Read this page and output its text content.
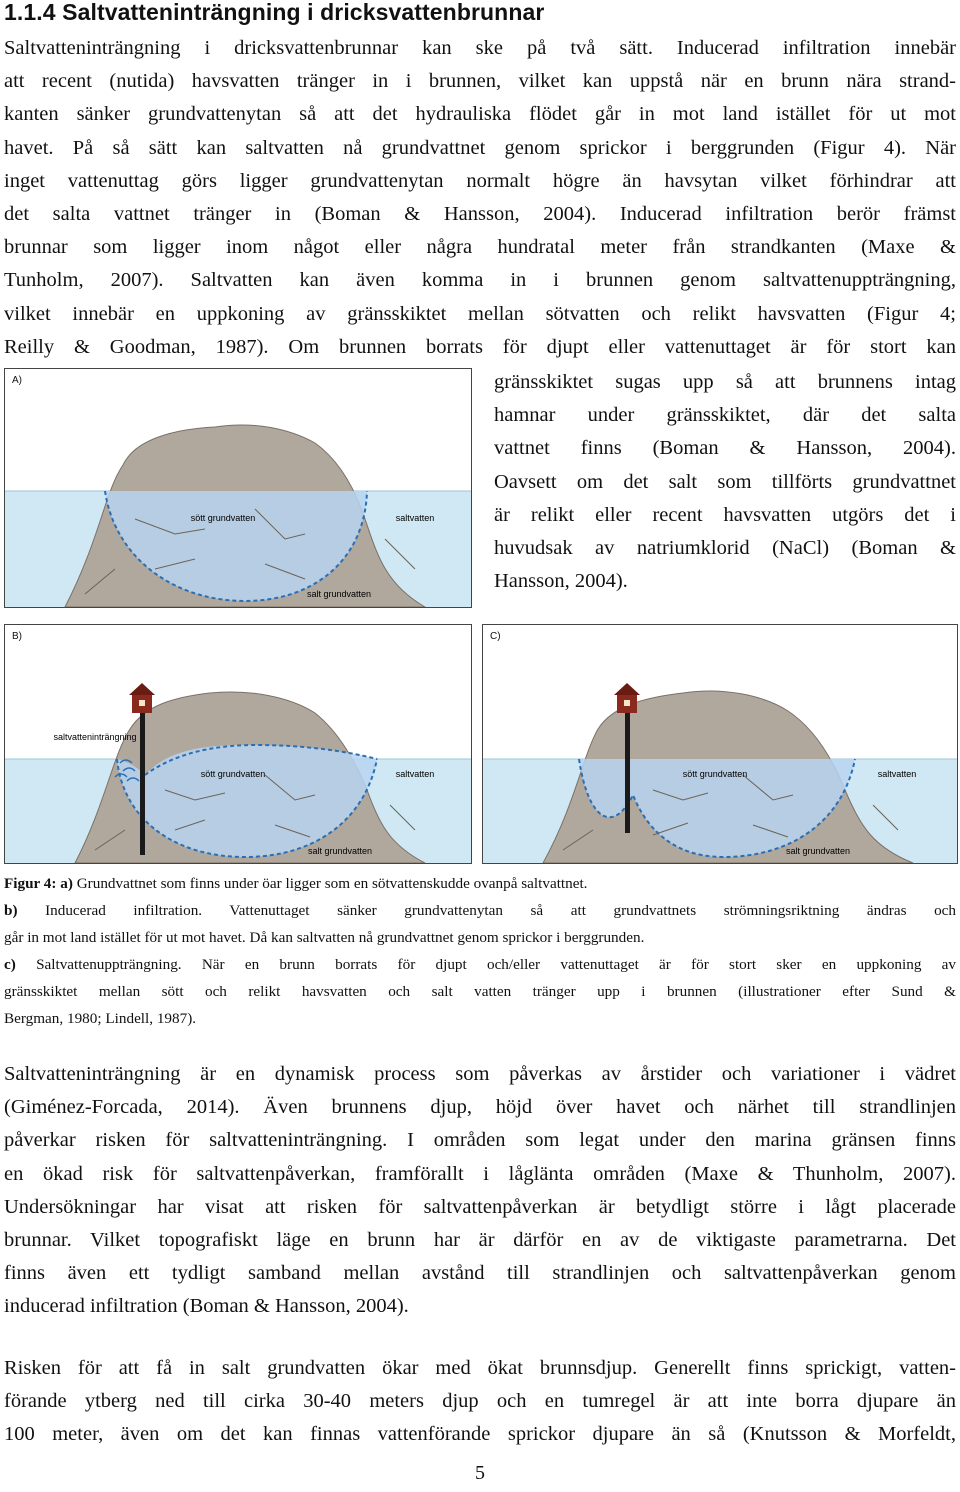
1.1.4 Saltvatteninträngning i dricksvattenbrunnar
Saltvatteninträngning i dricksvattenbrunnar kan ske på två sätt. Inducerad infiltration innebär
att recent (nutida) havsvatten tränger in i brunnen, vilket kan uppstå när en brunn nära strand-
kanten sänker grundvattenytan så att det hydrauliska flödet går in mot land istället för ut mot
havet. På så sätt kan saltvatten nå grundvattnet genom sprickor i berggrunden (Figur 4). När
inget vattenuttag görs ligger grundvattenytan normalt högre än havsytan vilket förhindrar att
det salta vattnet tränger in (Boman & Hansson, 2004). Inducerad infiltration berör främst
brunnar som ligger inom något eller några hundratal meter från strandkanten (Maxe &
Tunholm, 2007). Saltvatten kan även komma in i brunnen genom saltvattenuppträngning,
vilket innebär en uppkoning av gränsskiktet mellan sötvatten och relikt havsvatten (Figur 4;
Reilly & Goodman, 1987). Om brunnen borrats för djupt eller vattenuttaget är för stort kan
gränsskiktet sugas upp så att brunnens intag
hamnar under gränsskiktet, där det salta
vattnet finns (Boman & Hansson, 2004).
Oavsett om det salt som tillförts grundvattnet
är relikt eller recent havsvatten utgörs det i
huvudsak av natriumklorid (NaCl) (Boman &
Hansson, 2004).
A)
sött grundvatten	saltvatten
salt grundvatten
B)
saltvatteninträngning
sött grundvatten	saltvatten
salt grundvatten
C)
sött grundvatten	saltvatten
salt grundvatten
Figur 4: a) Grundvattnet som finns under öar ligger som en sötvattenskudde ovanpå saltvattnet.
b) Inducerad infiltration. Vattenuttaget sänker grundvattenytan så att grundvattnets strömningsriktning ändras och
går in mot land istället för ut mot havet. Då kan saltvatten nå grundvattnet genom sprickor i berggrunden.
c) Saltvattenuppträngning. När en brunn borrats för djupt och/eller vattenuttaget är för stort sker en uppkoning av
gränsskiktet mellan sött och relikt havsvatten och salt vatten tränger upp i brunnen (illustrationer efter Sund &
Bergman, 1980; Lindell, 1987).
Saltvatteninträngning är en dynamisk process som påverkas av årstider och variationer i vädret
(Giménez-Forcada, 2014). Även brunnens djup, höjd över havet och närhet till strandlinjen
påverkar risken för saltvatteninträngning. I områden som legat under den marina gränsen finns
en ökad risk för saltvattenpåverkan, framförallt i låglänta områden (Maxe & Thunholm, 2007).
Undersökningar har visat att risken för saltvattenpåverkan är betydligt större i lågt placerade
brunnar. Vilket topografiskt läge en brunn har är därför en av de viktigaste parametrarna. Det
finns även ett tydligt samband mellan avstånd till strandlinjen och saltvattenpåverkan genom
inducerad infiltration (Boman & Hansson, 2004).
Risken för att få in salt grundvatten ökar med ökat brunnsdjup. Generellt finns sprickigt, vatten-
förande ytberg ned till cirka 30-40 meters djup och en tumregel är att inte borra djupare än
100 meter, även om det kan finnas vattenförande sprickor djupare än så (Knutsson & Morfeldt,
5
